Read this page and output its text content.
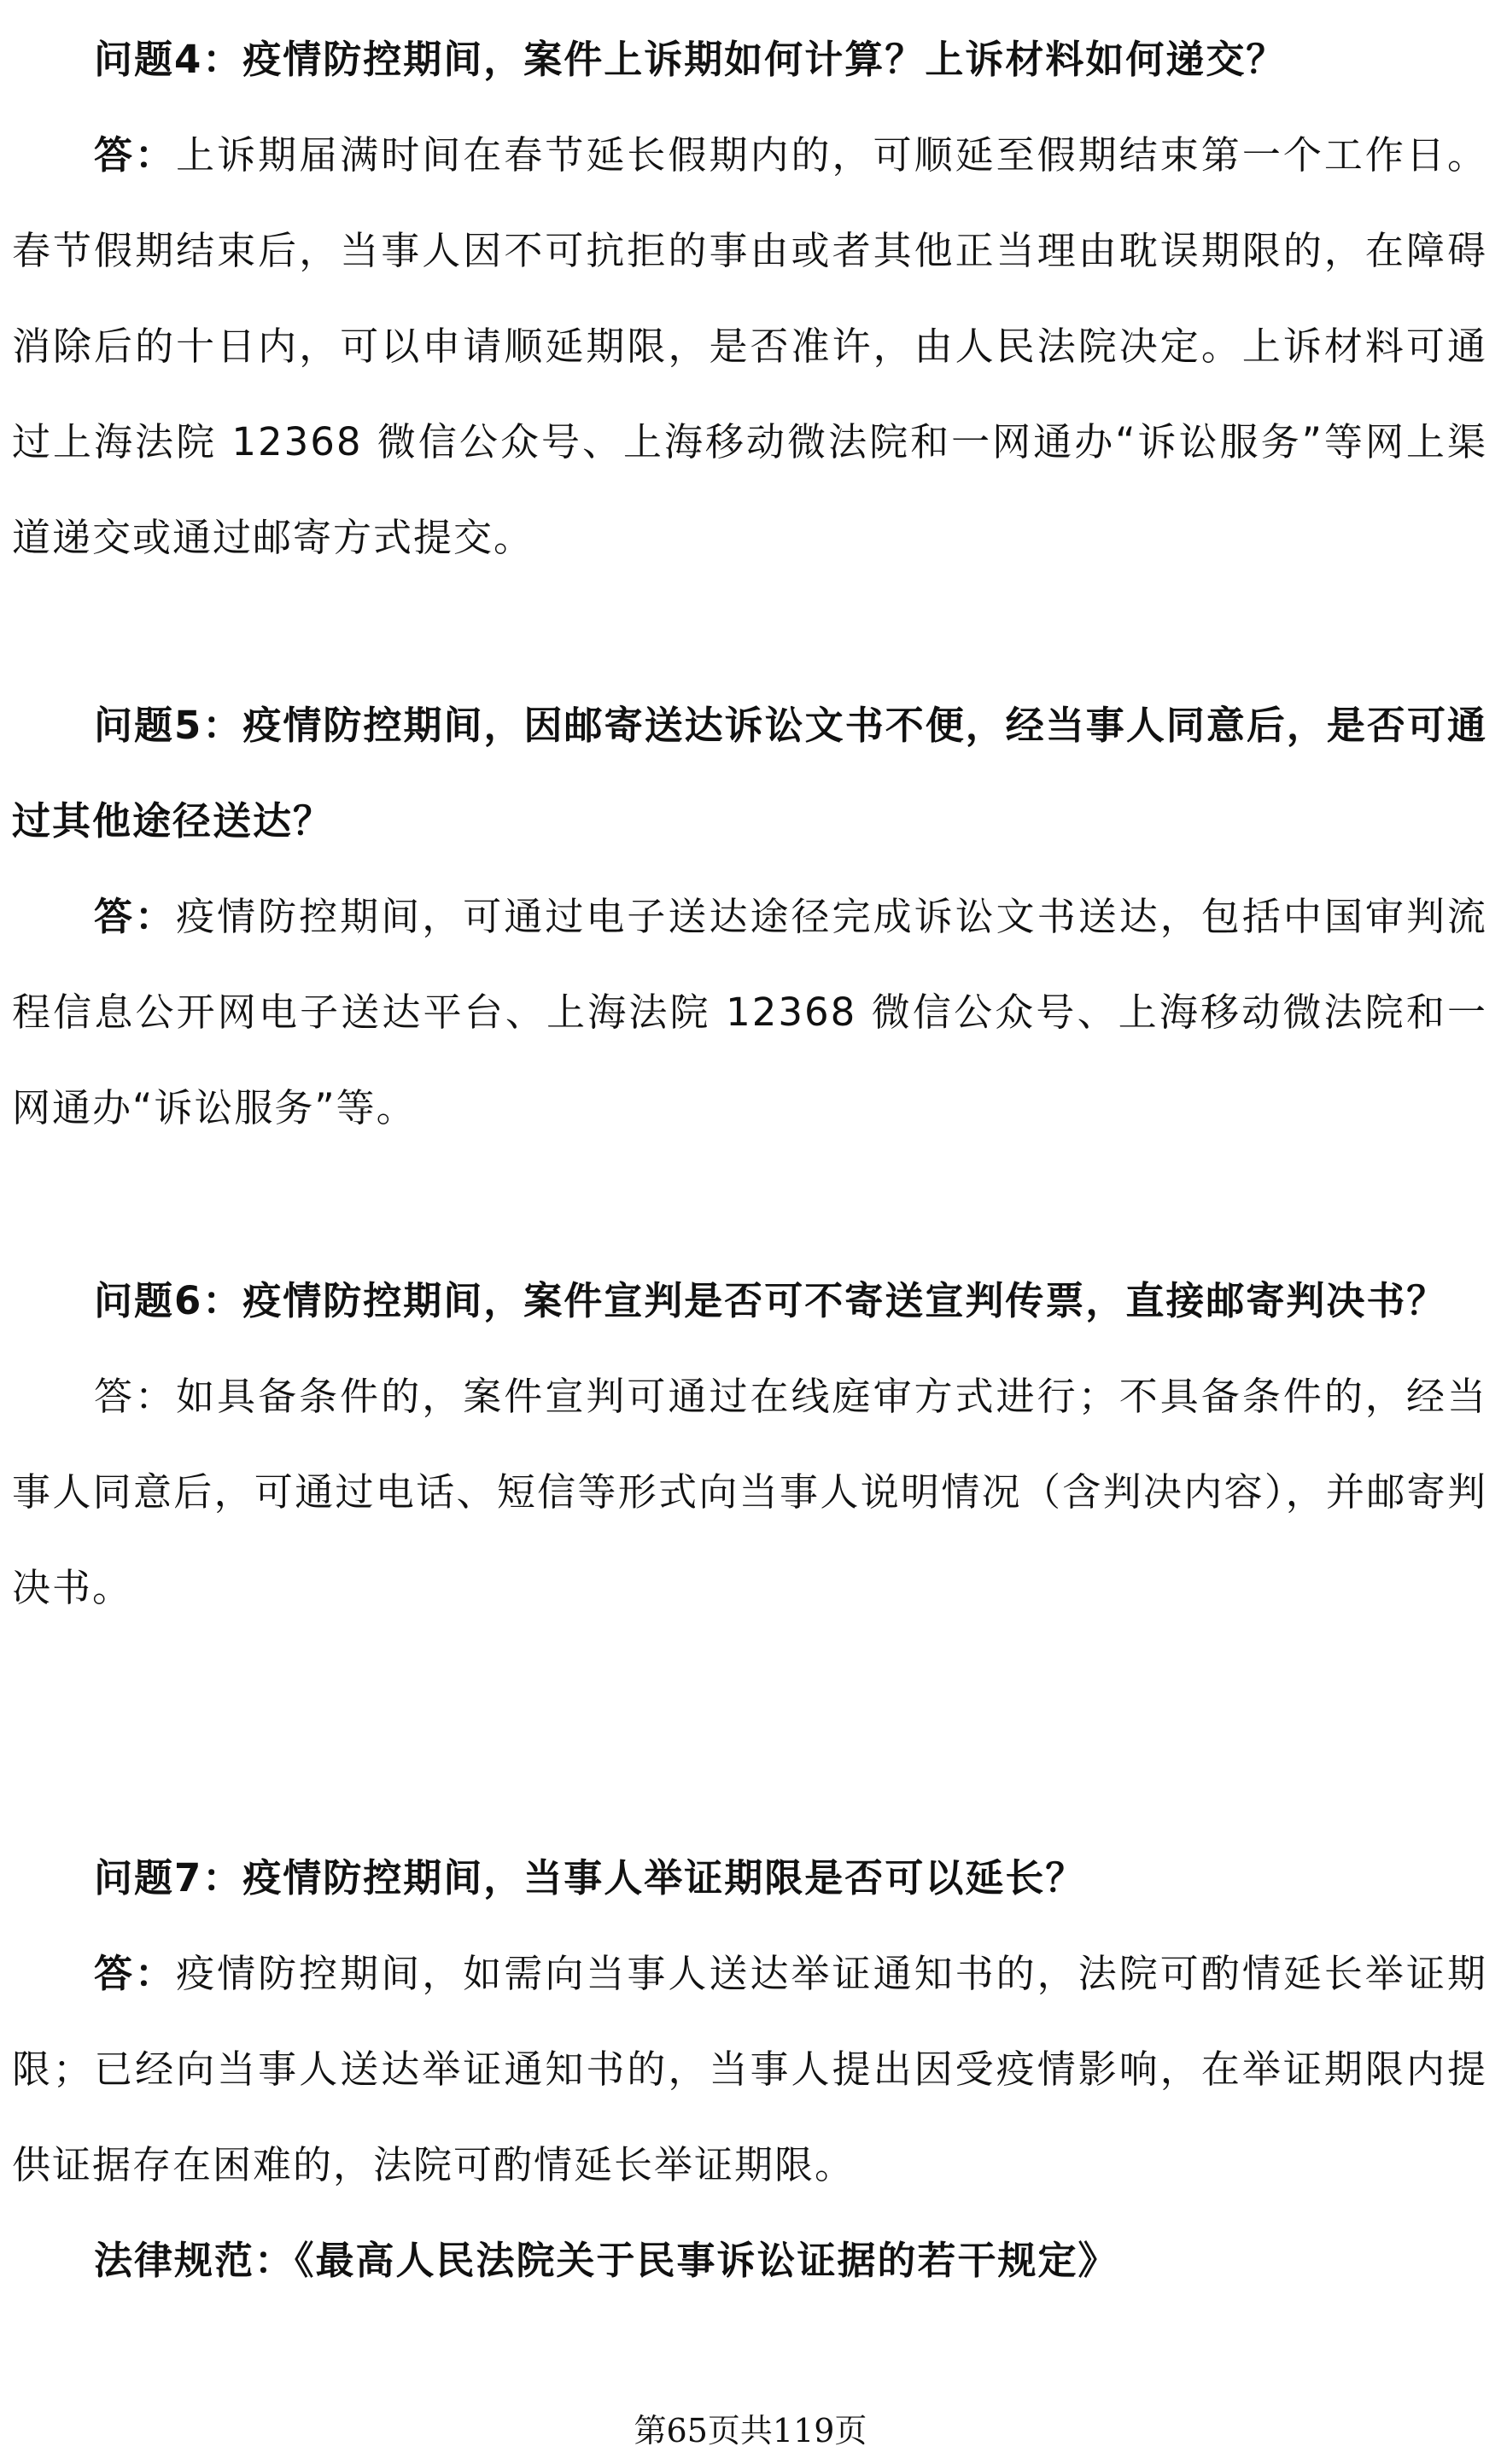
问题4：疫情防控期间，案件上诉期如何计算？上诉材料如何递交？
答：上诉期届满时间在春节延长假期内的，可顺延至假期结束第一个工作日。春节假期结束后，当事人因不可抗拒的事由或者其他正当理由耽误期限的，在障碍消除后的十日内，可以申请顺延期限，是否准许，由人民法院决定。上诉材料可通过上海法院 12368 微信公众号、上海移动微法院和一网通办“诉讼服务”等网上渠道递交或通过邮寄方式提交。
问题5：疫情防控期间，因邮寄送达诉讼文书不便，经当事人同意后，是否可通过其他途径送达？
答：疫情防控期间，可通过电子送达途径完成诉讼文书送达，包括中国审判流程信息公开网电子送达平台、上海法院 12368 微信公众号、上海移动微法院和一网通办“诉讼服务”等。
问题6：疫情防控期间，案件宣判是否可不寄送宣判传票，直接邮寄判决书？
答：如具备条件的，案件宣判可通过在线庭审方式进行；不具备条件的，经当事人同意后，可通过电话、短信等形式向当事人说明情况（含判决内容），并邮寄判决书。
问题7：疫情防控期间，当事人举证期限是否可以延长？
答：疫情防控期间，如需向当事人送达举证通知书的，法院可酌情延长举证期限；已经向当事人送达举证通知书的，当事人提出因受疫情影响，在举证期限内提供证据存在困难的，法院可酌情延长举证期限。
法律规范：《最高人民法院关于民事诉讼证据的若干规定》
第65页共119页
